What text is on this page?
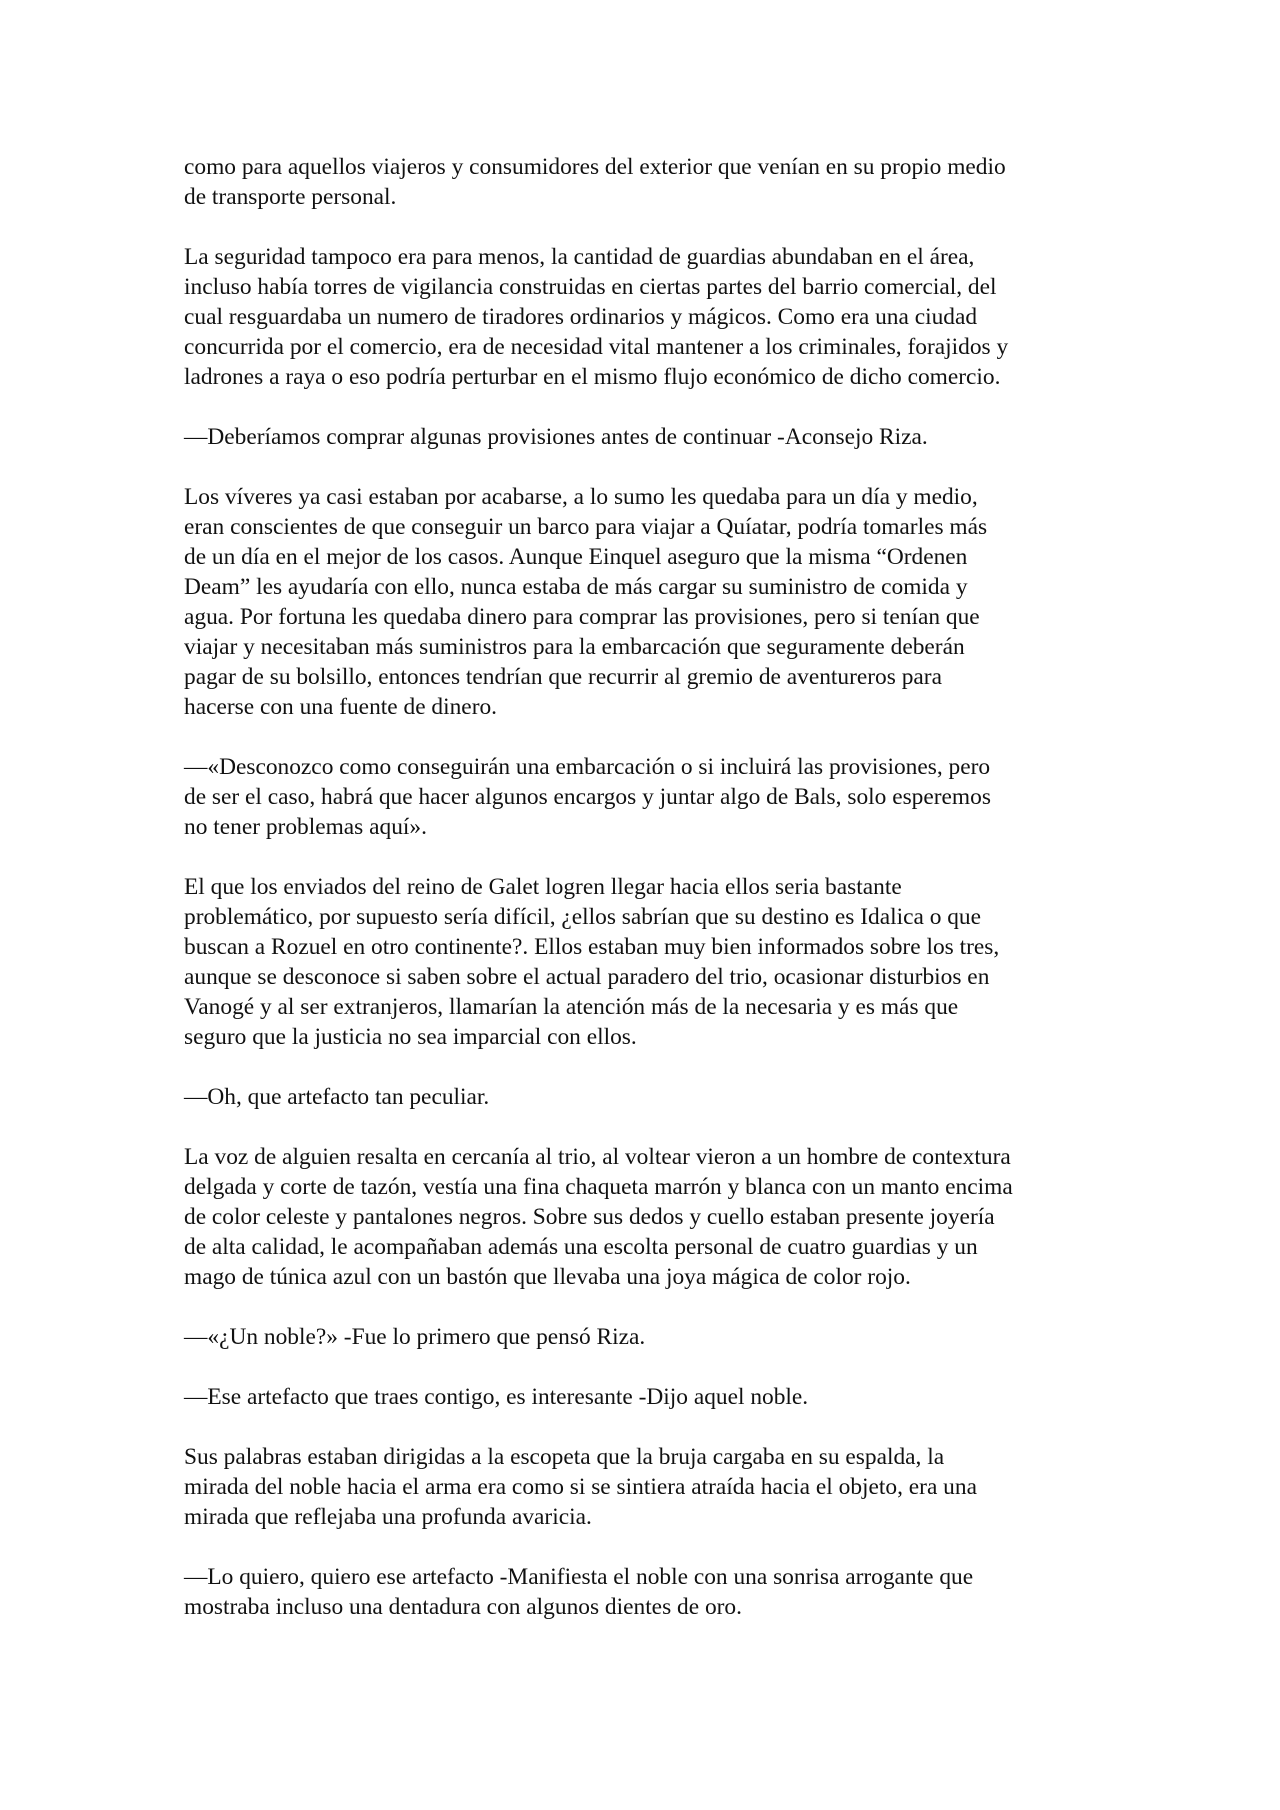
como para aquellos viajeros y consumidores del exterior que venían en su propio medio
de transporte personal.

La seguridad tampoco era para menos, la cantidad de guardias abundaban en el área,
incluso había torres de vigilancia construidas en ciertas partes del barrio comercial, del
cual resguardaba un numero de tiradores ordinarios y mágicos. Como era una ciudad
concurrida por el comercio, era de necesidad vital mantener a los criminales, forajidos y
ladrones a raya o eso podría perturbar en el mismo flujo económico de dicho comercio.

—Deberíamos comprar algunas provisiones antes de continuar -Aconsejo Riza.

Los víveres ya casi estaban por acabarse, a lo sumo les quedaba para un día y medio,
eran conscientes de que conseguir un barco para viajar a Quíatar, podría tomarles más
de un día en el mejor de los casos. Aunque Einquel aseguro que la misma “Ordenen
Deam” les ayudaría con ello, nunca estaba de más cargar su suministro de comida y
agua. Por fortuna les quedaba dinero para comprar las provisiones, pero si tenían que
viajar y necesitaban más suministros para la embarcación que seguramente deberán
pagar de su bolsillo, entonces tendrían que recurrir al gremio de aventureros para
hacerse con una fuente de dinero.

—«Desconozco como conseguirán una embarcación o si incluirá las provisiones, pero
de ser el caso, habrá que hacer algunos encargos y juntar algo de Bals, solo esperemos
no tener problemas aquí».

El que los enviados del reino de Galet logren llegar hacia ellos seria bastante
problemático, por supuesto sería difícil, ¿ellos sabrían que su destino es Idalica o que
buscan a Rozuel en otro continente?. Ellos estaban muy bien informados sobre los tres,
aunque se desconoce si saben sobre el actual paradero del trio, ocasionar disturbios en
Vanogé y al ser extranjeros, llamarían la atención más de la necesaria y es más que
seguro que la justicia no sea imparcial con ellos.

—Oh, que artefacto tan peculiar.

La voz de alguien resalta en cercanía al trio, al voltear vieron a un hombre de contextura
delgada y corte de tazón, vestía una fina chaqueta marrón y blanca con un manto encima
de color celeste y pantalones negros. Sobre sus dedos y cuello estaban presente joyería
de alta calidad, le acompañaban además una escolta personal de cuatro guardias y un
mago de túnica azul con un bastón que llevaba una joya mágica de color rojo.

—«¿Un noble?» -Fue lo primero que pensó Riza.

—Ese artefacto que traes contigo, es interesante -Dijo aquel noble.

Sus palabras estaban dirigidas a la escopeta que la bruja cargaba en su espalda, la
mirada del noble hacia el arma era como si se sintiera atraída hacia el objeto, era una
mirada que reflejaba una profunda avaricia.

—Lo quiero, quiero ese artefacto -Manifiesta el noble con una sonrisa arrogante que
mostraba incluso una dentadura con algunos dientes de oro.
